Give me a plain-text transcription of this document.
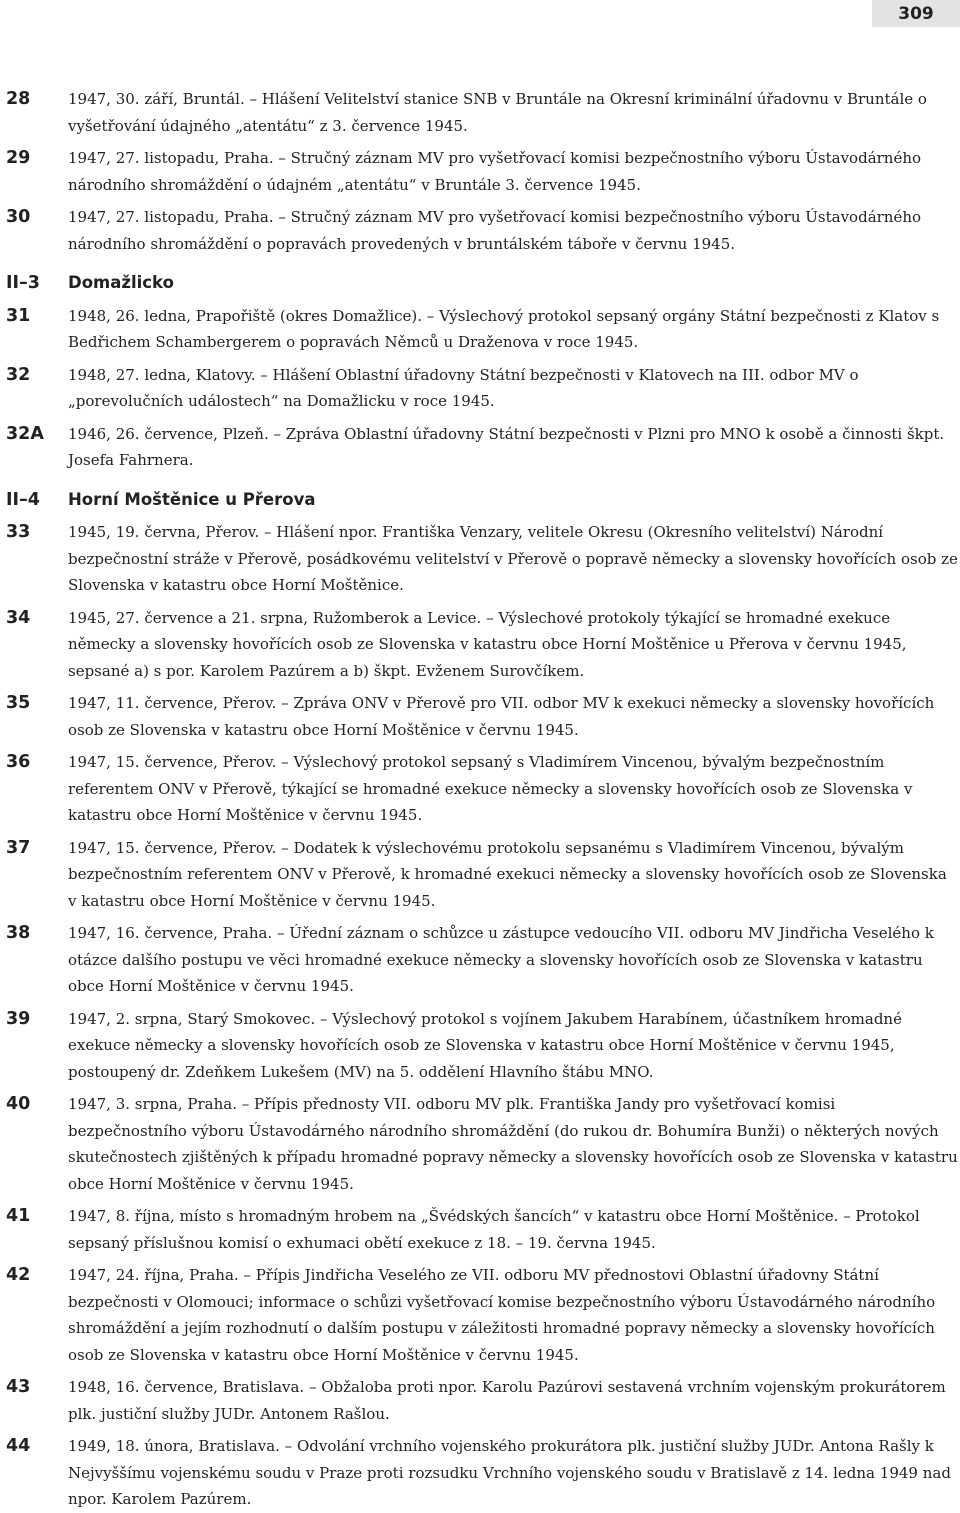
309
28	1947, 30. září, Bruntál. – Hlášení Velitelství stanice SNB v Bruntále na Okresní kriminální úřadovnu v Bruntále o vyšetřování údajného „atentátu“ z 3. července 1945.
29	1947, 27. listopadu, Praha. – Stručný záznam MV pro vyšetřovací komisi bezpečnostního výboru Ústavodárného národního shromáždění o údajném „atentátu“ v Bruntále 3. července 1945.
30	1947, 27. listopadu, Praha. – Stručný záznam MV pro vyšetřovací komisi bezpečnostního výboru Ústavodárného národního shromáždění o popravách provedených v bruntálském táboře v červnu 1945.
II–3	Domažlicko
31	1948, 26. ledna, Prapořiště (okres Domažlice). – Výslechový protokol sepsaný orgány Státní bezpečnosti z Klatov s Bedřichem Schambergerem o popravách Němců u Draženova v roce 1945.
32	1948, 27. ledna, Klatovy. – Hlášení Oblastní úřadovny Státní bezpečnosti v Klatovech na III. odbor MV o „porevolučních událostech“ na Domažlicku v roce 1945.
32A	1946, 26. července, Plzeň. – Zpráva Oblastní úřadovny Státní bezpečnosti v Plzni pro MNO k osobě a činnosti škpt. Josefa Fahrnera.
II–4	Horní Moštěnice u Přerova
33	1945, 19. června, Přerov. – Hlášení npor. Františka Venzary, velitele Okresu (Okresního velitelství) Národní bezpečnostní stráže v Přerově, posádkovému velitelství v Přerově o popravě německy a slovensky hovořících osob ze Slovenska v katastru obce Horní Moštěnice.
34	1945, 27. července a 21. srpna, Ružomberok a Levice. – Výslechové protokoly týkající se hromadné exekuce německy a slovensky hovořících osob ze Slovenska v katastru obce Horní Moštěnice u Přerova v červnu 1945, sepsané a) s por. Karolem Pazúrem a b) škpt. Evženem Surovčíkem.
35	1947, 11. července, Přerov. – Zpráva ONV v Přerově pro VII. odbor MV k exekuci německy a slovensky hovořících osob ze Slovenska v katastru obce Horní Moštěnice v červnu 1945.
36	1947, 15. července, Přerov. – Výslechový protokol sepsaný s Vladimírem Vincenou, bývalým bezpečnostním referentem ONV v Přerově, týkající se hromadné exekuce německy a slovensky hovořících osob ze Slovenska v katastru obce Horní Moštěnice v červnu 1945.
37	1947, 15. července, Přerov. – Dodatek k výslechovému protokolu sepsanému s Vladimírem Vincenou, bývalým bezpečnostním referentem ONV v Přerově, k hromadné exekuci německy a slovensky hovořících osob ze Slovenska v katastru obce Horní Moštěnice v červnu 1945.
38	1947, 16. července, Praha. – Úřední záznam o schůzce u zástupce vedoucího VII. odboru MV Jindřicha Veselého k otázce dalšího postupu ve věci hromadné exekuce německy a slovensky hovořících osob ze Slovenska v katastru obce Horní Moštěnice v červnu 1945.
39	1947, 2. srpna, Starý Smokovec. – Výslechový protokol s vojínem Jakubem Harabínem, účastníkem hromadné exekuce německy a slovensky hovořících osob ze Slovenska v katastru obce Horní Moštěnice v červnu 1945, postoupený dr. Zdeňkem Lukešem (MV) na 5. oddělení Hlavního štábu MNO.
40	1947, 3. srpna, Praha. – Přípis přednosty VII. odboru MV plk. Františka Jandy pro vyšetřovací komisi bezpečnostního výboru Ústavodárného národního shromáždění (do rukou dr. Bohumíra Bunži) o některých nových skutečnostech zjištěných k případu hromadné popravy německy a slovensky hovořících osob ze Slovenska v katastru obce Horní Moštěnice v červnu 1945.
41	1947, 8. října, místo s hromadným hrobem na „Švédských šancích“ v katastru obce Horní Moštěnice. – Protokol sepsaný příslušnou komisí o exhumaci obětí exekuce z 18. – 19. června 1945.
42	1947, 24. října, Praha. – Přípis Jindřicha Veselého ze VII. odboru MV přednostovi Oblastní úřadovny Státní bezpečnosti v Olomouci; informace o schůzi vyšetřovací komise bezpečnostního výboru Ústavodárného národního shromáždění a jejím rozhodnutí o dalším postupu v záležitosti hromadné popravy německy a slovensky hovořících osob ze Slovenska v katastru obce Horní Moštěnice v červnu 1945.
43	1948, 16. července, Bratislava. – Obžaloba proti npor. Karolu Pazúrovi sestavená vrchním vojenským prokurátorem plk. justiční služby JUDr. Antonem Rašlou.
44	1949, 18. února, Bratislava. – Odvolání vrchního vojenského prokurátora plk. justiční služby JUDr. Antona Rašly k Nejvyššímu vojenskému soudu v Praze proti rozsudku Vrchního vojenského soudu v Bratislavě z 14. ledna 1949 nad npor. Karolem Pazúrem.
